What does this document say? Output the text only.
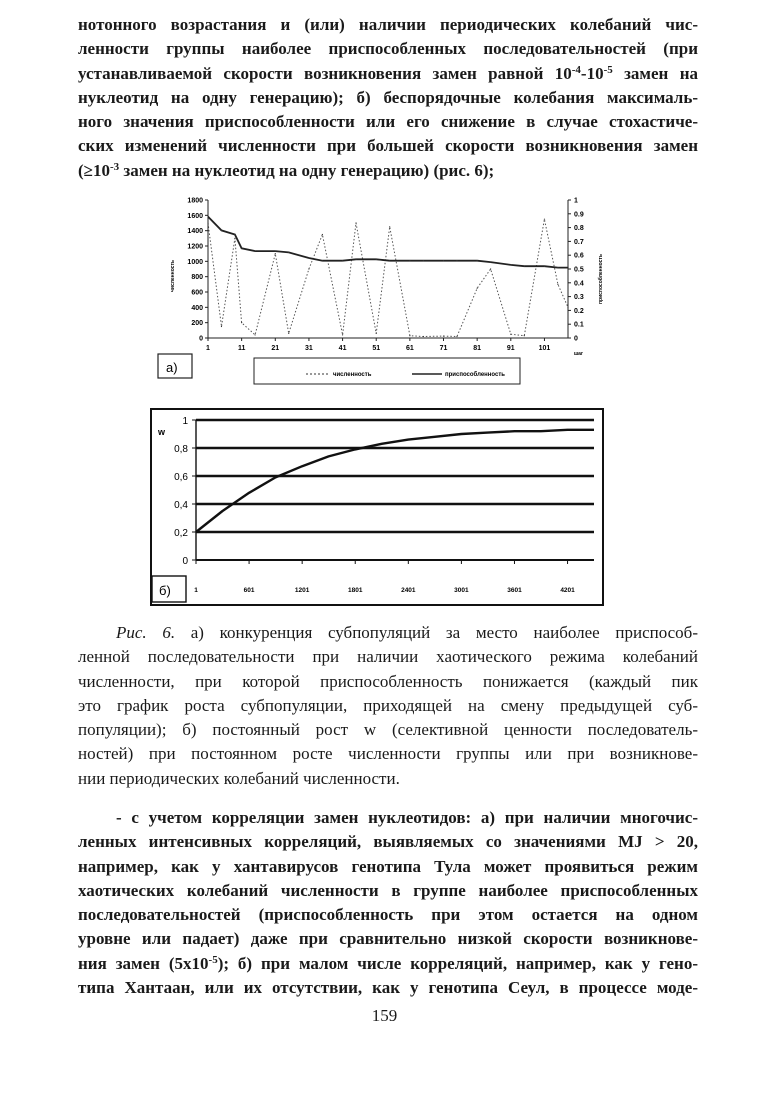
нотонного возрастания и (или) наличии периодических колебаний чис-
ленности группы наиболее приспособленных последовательностей (при
устанавливаемой скорости возникновения замен равной $10^{-4}-10^{-5}$ замен на
нуклеотид на одну генерацию); б) беспорядочные колебания максималь-
ного значения приспособленности или его снижение в случае стохастиче-
ских изменений численности при большей скорости возникновения замен
($\ge 10^{-3}$ замен на нуклеотид на одну генерацию) (рис. 6);
1800
1600
1400
1200
1000
800
600
400
200
0
1
0.9
0.8
0.7
0.6
0.5
0.4
0.3
0.2
0.1
0
1	11	21	31	41	51	61	71	81	91	101
численность	приспособленность
шаг
а)	численность	приспособленность
1
0,8
0,6
0,4
0,2
0
1	601	1201	1801	2401	3001	3601	4201
w
б)
Рис. 6. а) конкуренция субпопуляций за место наиболее приспособ-
ленной последовательности при наличии хаотического режима колебаний
численности, при которой приспособленность понижается (каждый пик
это график роста субпопуляции, приходящей на смену предыдущей суб-
популяции); б) постоянный рост w (селективной ценности последователь-
ностей) при постоянном росте численности группы или при возникнове-
нии периодических колебаний численности.
- с учетом корреляции замен нуклеотидов: а) при наличии многочис-
ленных интенсивных корреляций, выявляемых со значениями MJ > 20,
например, как у хантавирусов генотипа Тула может проявиться режим
хаотических колебаний численности в группе наиболее приспособленных
последовательностей (приспособленность при этом остается на одном
уровне или падает) даже при сравнительно низкой скорости возникнове-
ния замен $(5х10^{-5})$; б) при малом числе корреляций, например, как у гено-
типа Хантаан, или их отсутствии, как у генотипа Сеул, в процессе моде-
159
